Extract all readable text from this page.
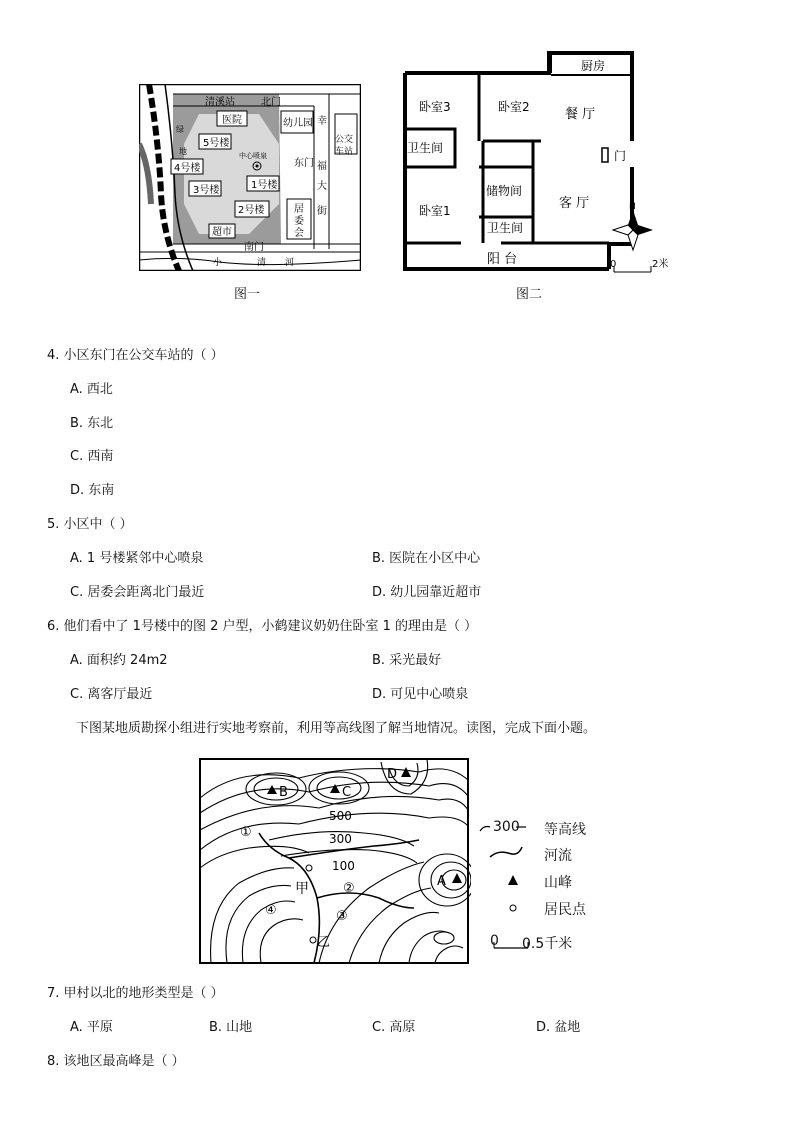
清溪站	北门
医院	幼儿园 幸
福
大
街
公交
车站
绿
地
5号楼
4号楼
3号楼	1号楼
2号楼
中心喷泉
东门
居
委
会
超市
南门
小	清 河
图一
N
0	2米
厨房
卧室3	卧室2	餐 厅
卫生间
门
储物间
卧室1	客 厅
卫生间
阳 台
图二
4. 小区东门在公交车站的（ ）
A. 西北
B. 东北
C. 西南
D. 东南
5. 小区中（ ）
A. 1 号楼紧邻中心喷泉	B. 医院在小区中心
C. 居委会距离北门最近	D. 幼儿园靠近超市
6. 他们看中了 1号楼中的图 2 户型，小鹤建议奶奶住卧室 1 的理由是（ ）
A. 面积约 24m2	B. 采光最好
C. 离客厅最近	D. 可见中心喷泉
下图某地质勘探小组进行实地考察前，利用等高线图了解当地情况。读图，完成下面小题。
B	C
D
A
500
300
100
①
②
③
④
甲
乙
300 等高线
河流
山峰
居民点
0 0.5千米
7. 甲村以北的地形类型是（ ）
A. 平原	B. 山地	C. 高原	D. 盆地
8. 该地区最高峰是（ ）
